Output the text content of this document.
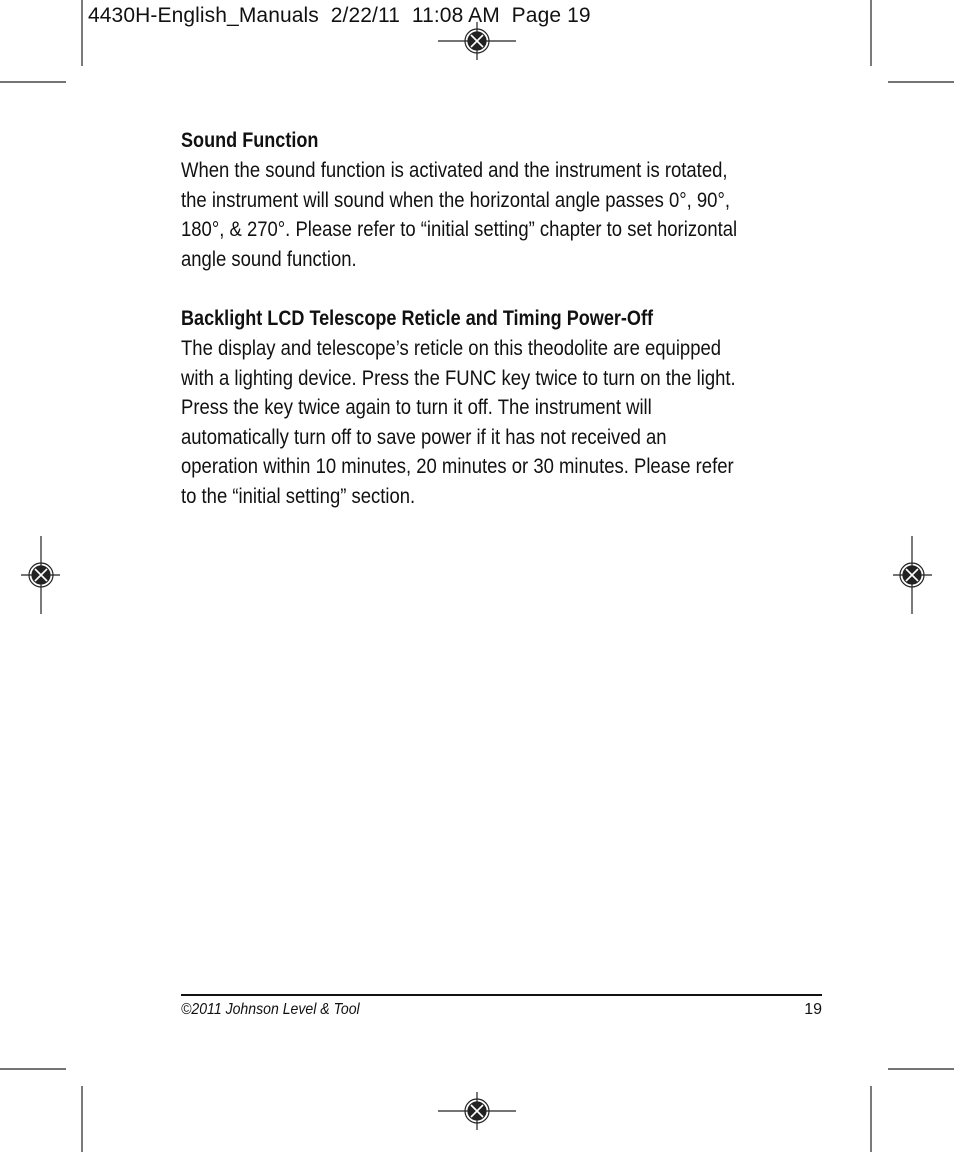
4430H-English_Manuals  2/22/11  11:08 AM  Page 19
Sound Function

When the sound function is activated and the instrument is rotated,
the instrument will sound when the horizontal angle passes 0°, 90°,
180°, & 270°. Please refer to “initial setting” chapter to set horizontal
angle sound function.

Backlight LCD Telescope Reticle and Timing Power-Off

The display and telescope’s reticle on this theodolite are equipped
with a lighting device. Press the FUNC key twice to turn on the light.
Press the key twice again to turn it off. The instrument will
automatically turn off to save power if it has not received an
operation within 10 minutes, 20 minutes or 30 minutes. Please refer
to the “initial setting” section.

©2011 Johnson Level & Tool	19
